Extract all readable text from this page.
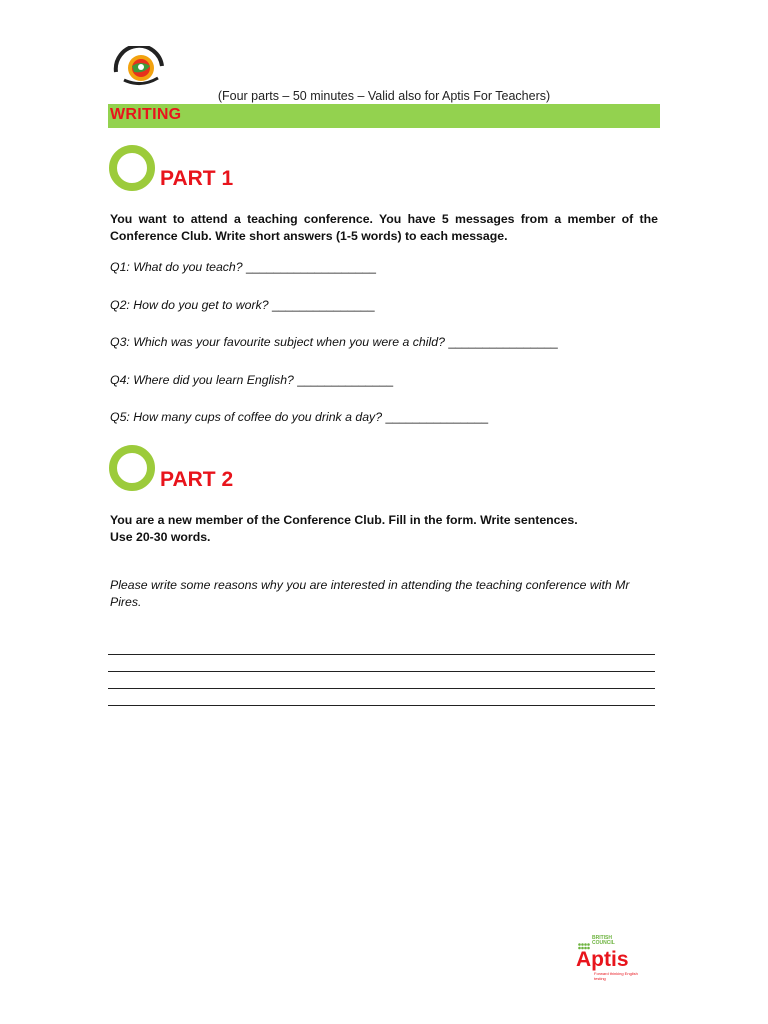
(Four parts – 50 minutes – Valid also for Aptis For Teachers)
WRITING
PART 1
You want to attend a teaching conference. You have 5 messages from a member of the Conference Club. Write short answers (1-5 words) to each message.
Q1: What do you teach? ___________________
Q2: How do you get to work? _______________
Q3: Which was your favourite subject when you were a child? ________________
Q4: Where did you learn English? ______________
Q5: How many cups of coffee do you drink a day? _______________
PART 2
You are a new member of the Conference Club. Fill in the form. Write sentences.
Use 20-30 words.
Please write some reasons why you are interested in attending the teaching conference with Mr Pires.
BRITISH COUNCIL
Aptis
Forward thinking English testing
